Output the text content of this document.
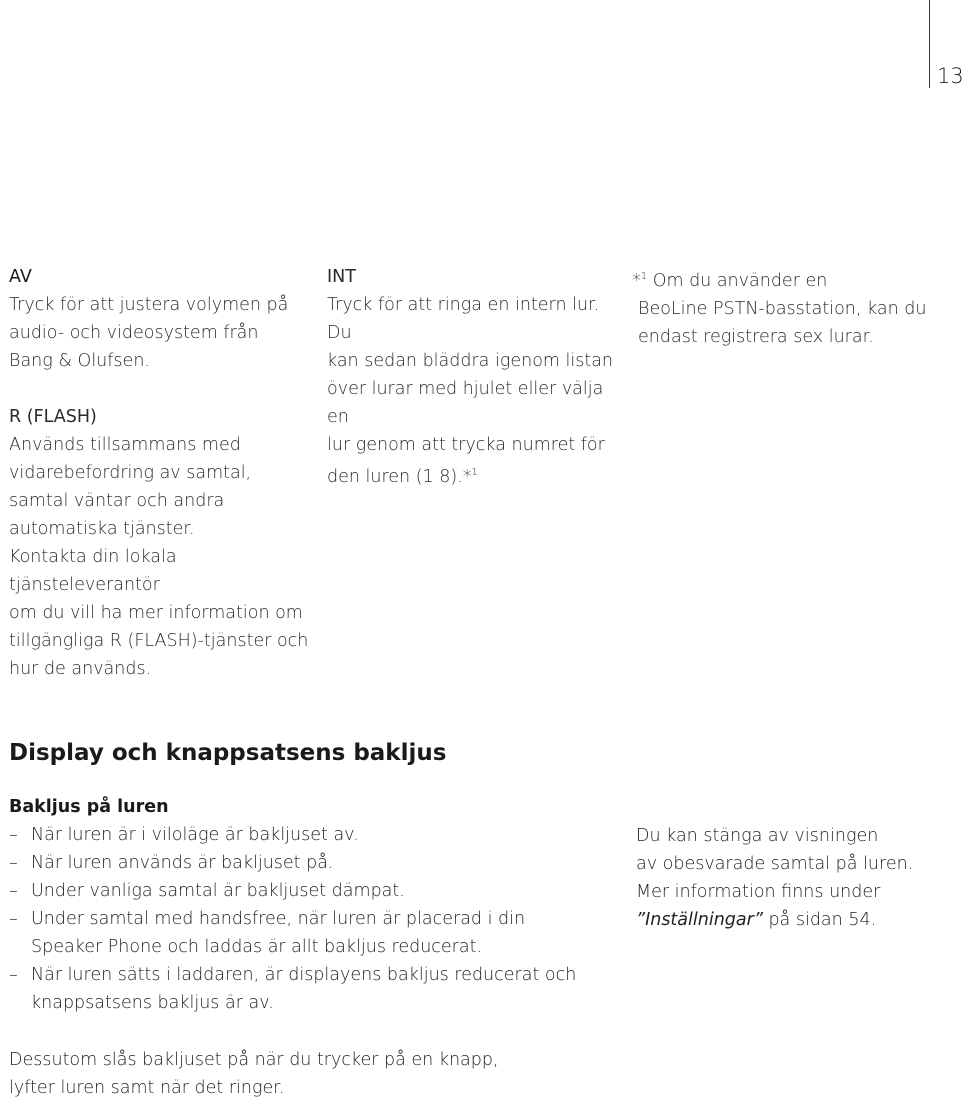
13

AV

Tryck för att justera volymen på

audio- och videosystem från

Bang & Olufsen.

R (FLASH)

Används tillsammans med

vidarebefordring av samtal,

samtal väntar och andra

automatiska tjänster.

Kontakta din lokala tjänsteleverantör

om du vill ha mer information om

tillgängliga R (FLASH)-tjänster och

hur de används.

INT

Tryck för att ringa en intern lur. Du

kan sedan bläddra igenom listan

över lurar med hjulet eller välja en

lur genom att trycka numret för

den luren (1 8).*$^1$

*$^1$ Om du använder en

BeoLine PSTN-basstation, kan du

endast registrera sex lurar.

Display och knappsatsens bakljus

Bakljus på luren

– När luren är i viloläge är bakljuset av.
– När luren används är bakljuset på.
– Under vanliga samtal är bakljuset dämpat.
– Under samtal med handsfree, när luren är placerad i din
Speaker Phone och laddas är allt bakljus reducerat.
– När luren sätts i laddaren, är displayens bakljus reducerat och
knappsatsens bakljus är av.

Du kan stänga av visningen

av obesvarade samtal på luren.

Mer information finns under

”Inställningar” på sidan 54.

Dessutom slås bakljuset på när du trycker på en knapp,

lyfter luren samt när det ringer.
